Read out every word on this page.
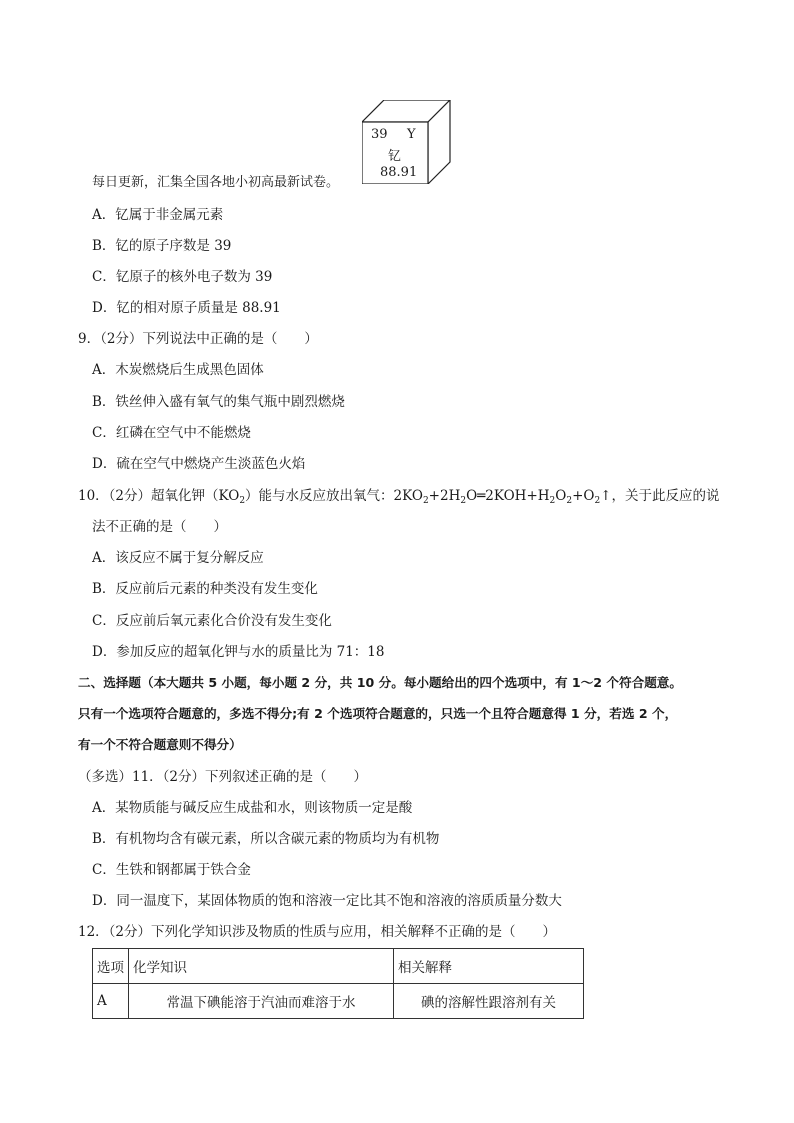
39 Y
钇
88.91
每日更新，汇集全国各地小初高最新试卷。
A．钇属于非金属元素
B．钇的原子序数是 39
C．钇原子的核外电子数为 39
D．钇的相对原子质量是 88.91
9．（2分）下列说法中正确的是（　　）
A．木炭燃烧后生成黑色固体
B．铁丝伸入盛有氧气的集气瓶中剧烈燃烧
C．红磷在空气中不能燃烧
D．硫在空气中燃烧产生淡蓝色火焰
10．（2分）超氧化钾$(KO_2)$能与水反应放出氧气：$2KO_2+2H_2O═2KOH+H_2O_2+O_2↑$，关于此反应的说
法不正确的是（　　）
A．该反应不属于复分解反应
B．反应前后元素的种类没有发生变化
C．反应前后氧元素化合价没有发生变化
D．参加反应的超氧化钾与水的质量比为 71：18
二、选择题（本大题共 5 小题，每小题 2 分，共 10 分。每小题给出的四个选项中，有 1～2 个符合题意。
只有一个选项符合题意的，多选不得分;有 2 个选项符合题意的，只选一个且符合题意得 1 分，若选 2 个，
有一个不符合题意则不得分）
（多选）11．（2分）下列叙述正确的是（　　）
A．某物质能与碱反应生成盐和水，则该物质一定是酸
B．有机物均含有碳元素，所以含碳元素的物质均为有机物
C．生铁和钢都属于铁合金
D．同一温度下，某固体物质的饱和溶液一定比其不饱和溶液的溶质质量分数大
12．（2分）下列化学知识涉及物质的性质与应用，相关解释不正确的是（　　）
选项	化学知识	相关解释
A	常温下碘能溶于汽油而难溶于水	碘的溶解性跟溶剂有关
